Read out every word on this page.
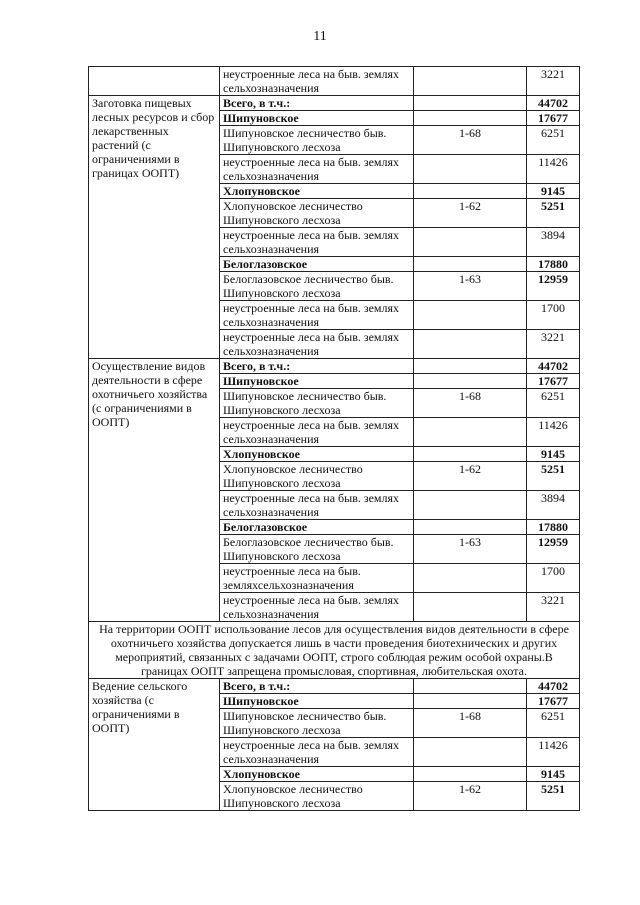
11
	неустроенные леса на быв. землях сельхозназначения		3221
Заготовка пищевых лесных ресурсов и сбор лекарственных растений (с ограничениями в границах ООПТ)	Всего, в т.ч.:		44702
	Шипуновское		17677
	Шипуновское лесничество быв. Шипуновского лесхоза	1-68	6251
	неустроенные леса на быв. землях сельхозназначения		11426
	Хлопуновское		9145
	Хлопуновское лесничество Шипуновского лесхоза	1-62	5251
	неустроенные леса на быв. землях сельхозназначения		3894
	Белоглазовское		17880
	Белоглазовское лесничество быв. Шипуновского лесхоза	1-63	12959
	неустроенные леса на быв. землях сельхозназначения		1700
	неустроенные леса на быв. землях сельхозназначения		3221
Осуществление видов деятельности в сфере охотничьего хозяйства (с ограничениями в ООПТ)	Всего, в т.ч.:		44702
	Шипуновское		17677
	Шипуновское лесничество быв. Шипуновского лесхоза	1-68	6251
	неустроенные леса на быв. землях сельхозназначения		11426
	Хлопуновское		9145
	Хлопуновское лесничество Шипуновского лесхоза	1-62	5251
	неустроенные леса на быв. землях сельхозназначения		3894
	Белоглазовское		17880
	Белоглазовское лесничество быв. Шипуновского лесхоза	1-63	12959
	неустроенные леса на быв. земляхсельхозназначения		1700
	неустроенные леса на быв. землях сельхозназначения		3221
На территории ООПТ использование лесов для осуществления видов деятельности в сфере охотничьего хозяйства допускается лишь в части проведения биотехнических и других мероприятий, связанных с задачами ООПТ, строго соблюдая режим особой охраны.В границах ООПТ запрещена промысловая, спортивная, любительская охота.			
Ведение сельского хозяйства (с ограничениями в ООПТ)	Всего, в т.ч.:		44702
	Шипуновское		17677
	Шипуновское лесничество быв. Шипуновского лесхоза	1-68	6251
	неустроенные леса на быв. землях сельхозназначения		11426
	Хлопуновское		9145
	Хлопуновское лесничество Шипуновского лесхоза	1-62	5251
